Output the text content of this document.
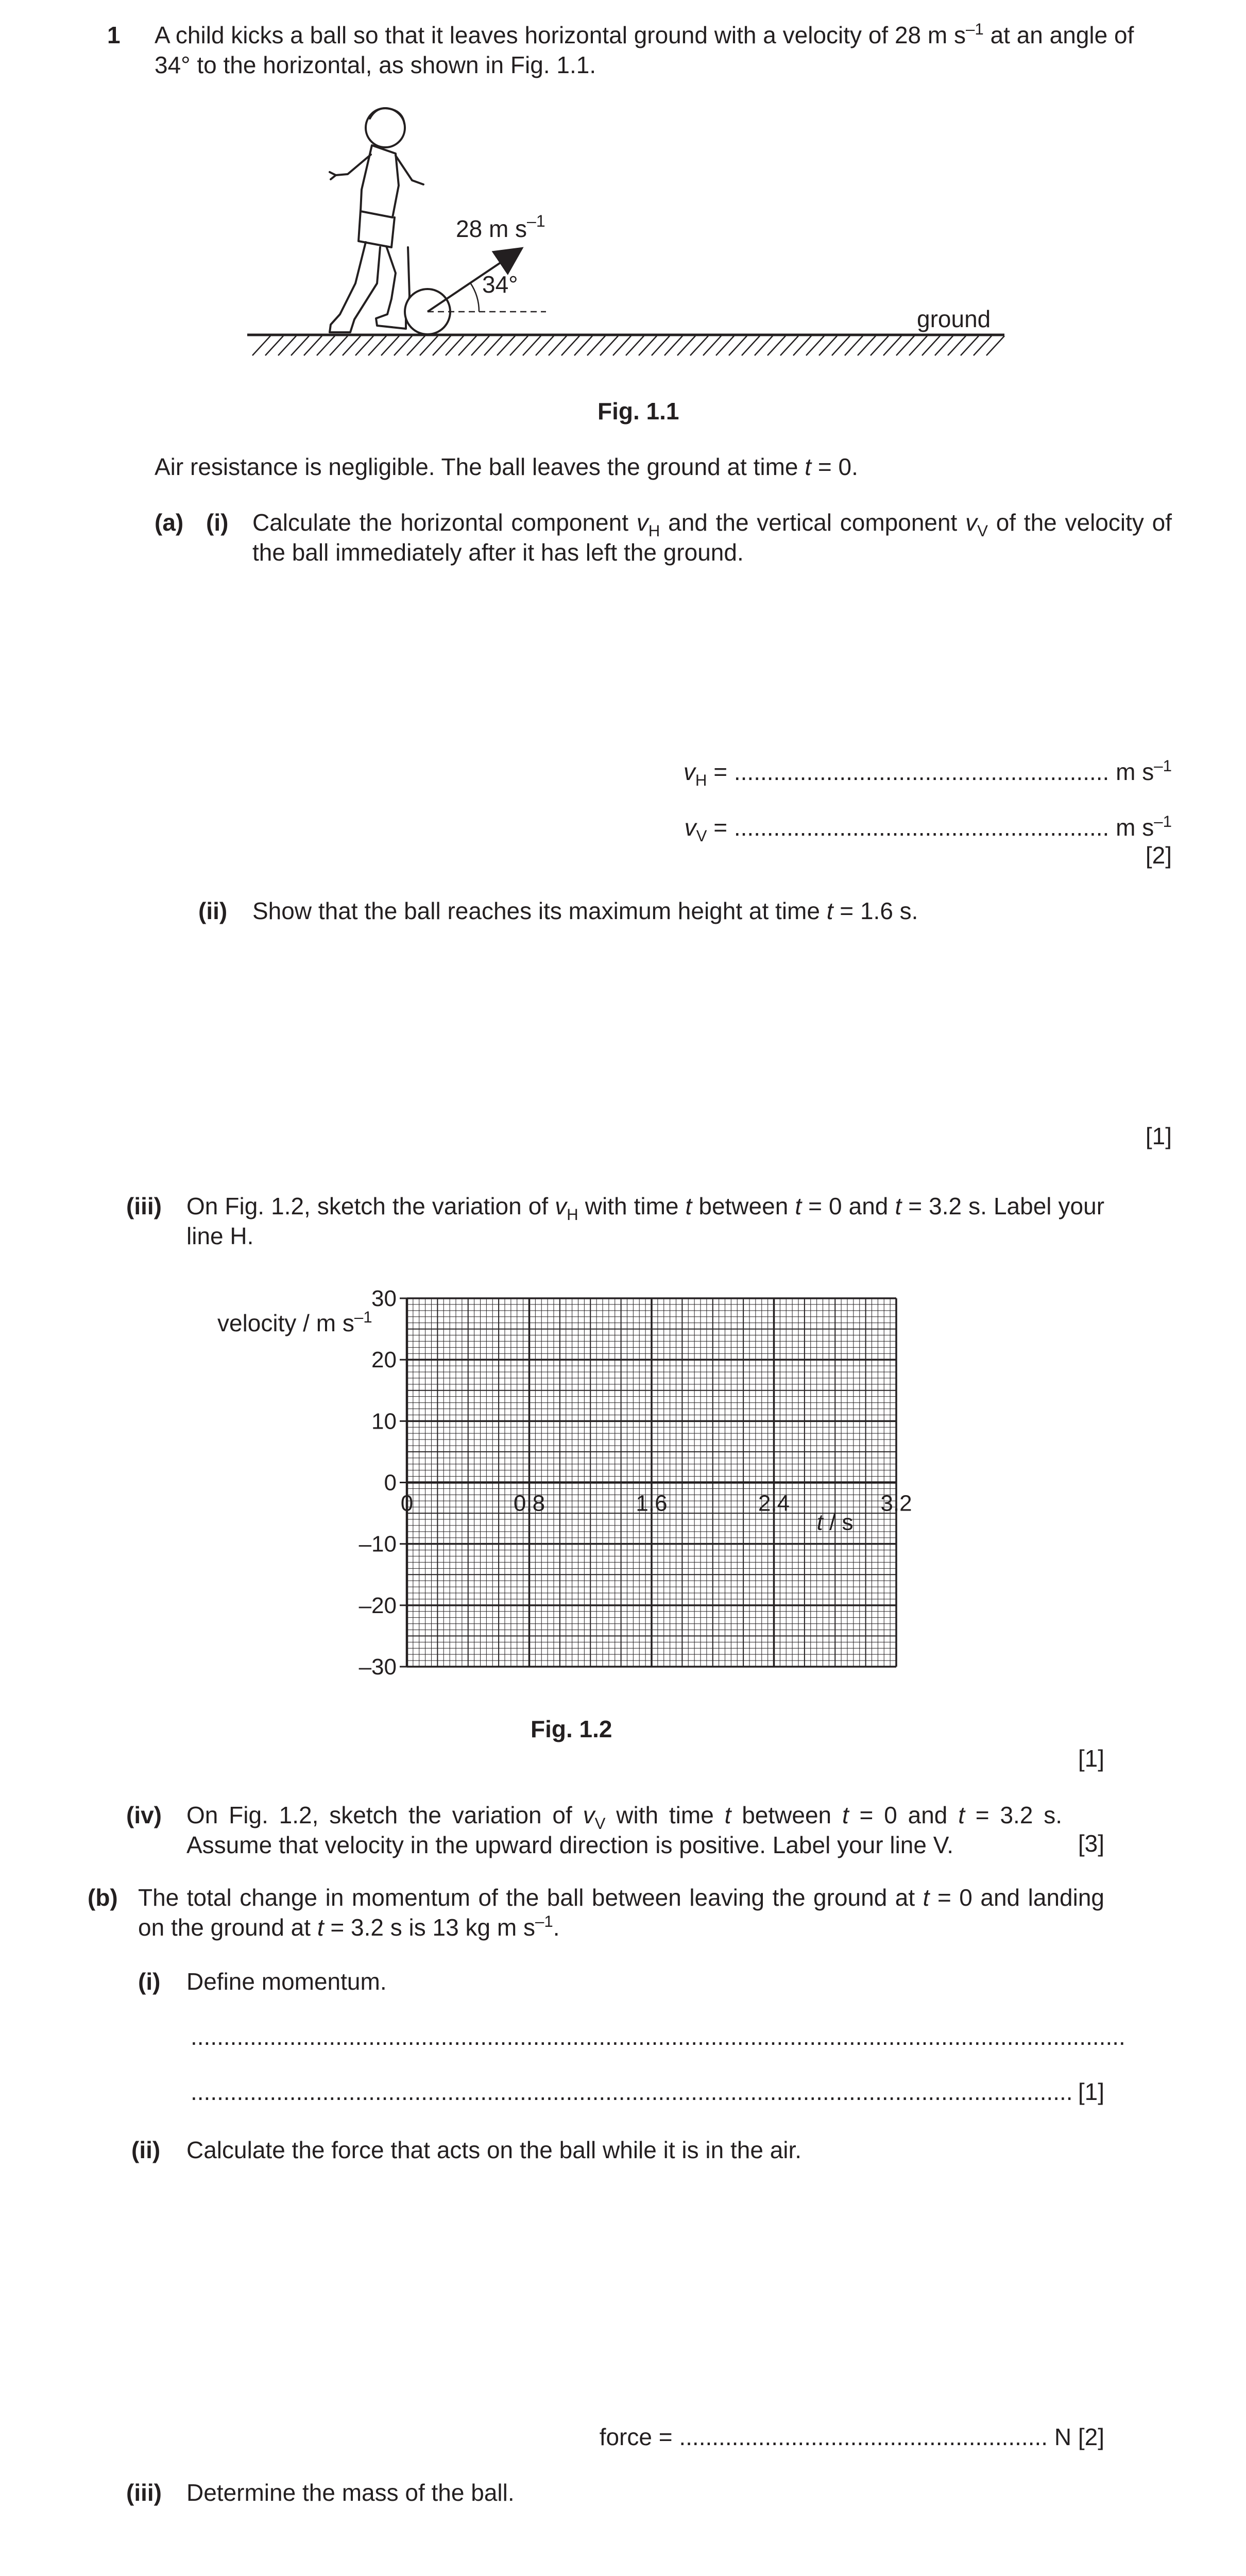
1 A child kicks a ball so that it leaves horizontal ground with a velocity of 28 m $s^{-1}$ at an angle of 34° to the horizontal, as shown in Fig. 1.1.
28 m $s^{-1}$
34°
ground
Fig. 1.1
Air resistance is negligible. The ball leaves the ground at time t = 0.
(a) (i) Calculate the horizontal component $v_H$ and the vertical component $v_V$ of the velocity of the ball immediately after it has left the ground.
$v_H$ = ......................................................... m $s^{-1}$
$v_V$ = ......................................................... m $s^{-1}$
[2]
(ii) Show that the ball reaches its maximum height at time t = 1.6 s.
[1]
(iii) On Fig. 1.2, sketch the variation of $v_H$ with time t between t = 0 and t = 3.2 s. Label your line H.
velocity / m $s^{-1}$
30
20
10
0
–10
–20
–30
0	0.8	1.6	2.4	3.2
t / s
Fig. 1.2
[1]
(iv) On Fig. 1.2, sketch the variation of $v_V$ with time t between t = 0 and t = 3.2 s. Assume that velocity in the upward direction is positive. Label your line V.	[3]
(b) The total change in momentum of the ball between leaving the ground at t = 0 and landing on the ground at t = 3.2 s is 13 kg m $s^{-1}$.
(i) Define momentum.
..............................................................................................................................................
...................................................................................................................................... [1]
(ii) Calculate the force that acts on the ball while it is in the air.
force = ........................................................ N [2]
(iii) Determine the mass of the ball.
